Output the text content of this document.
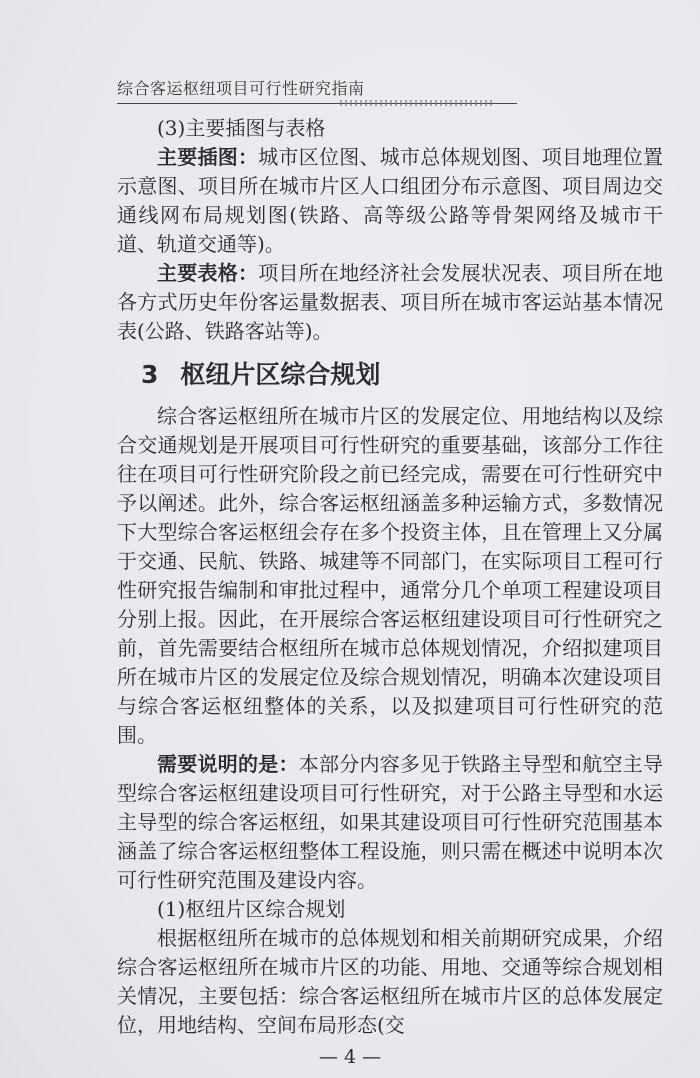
综合客运枢纽项目可行性研究指南

(3)主要插图与表格

主要插图：城市区位图、城市总体规划图、项目地理位置示意图、项目所在城市片区人口组团分布示意图、项目周边交通线网布局规划图(铁路、高等级公路等骨架网络及城市干道、轨道交通等)。

主要表格：项目所在地经济社会发展状况表、项目所在地各方式历史年份客运量数据表、项目所在城市客运站基本情况表(公路、铁路客站等)。

3 枢纽片区综合规划

综合客运枢纽所在城市片区的发展定位、用地结构以及综合交通规划是开展项目可行性研究的重要基础，该部分工作往往在项目可行性研究阶段之前已经完成，需要在可行性研究中予以阐述。此外，综合客运枢纽涵盖多种运输方式，多数情况下大型综合客运枢纽会存在多个投资主体，且在管理上又分属于交通、民航、铁路、城建等不同部门，在实际项目工程可行性研究报告编制和审批过程中，通常分几个单项工程建设项目分别上报。因此，在开展综合客运枢纽建设项目可行性研究之前，首先需要结合枢纽所在城市总体规划情况，介绍拟建项目所在城市片区的发展定位及综合规划情况，明确本次建设项目与综合客运枢纽整体的关系，以及拟建项目可行性研究的范围。

需要说明的是：本部分内容多见于铁路主导型和航空主导型综合客运枢纽建设项目可行性研究，对于公路主导型和水运主导型的综合客运枢纽，如果其建设项目可行性研究范围基本涵盖了综合客运枢纽整体工程设施，则只需在概述中说明本次可行性研究范围及建设内容。

(1)枢纽片区综合规划

根据枢纽所在城市的总体规划和相关前期研究成果，介绍综合客运枢纽所在城市片区的功能、用地、交通等综合规划相关情况，主要包括：综合客运枢纽所在城市片区的总体发展定位，用地结构、空间布局形态(交

— 4 —
